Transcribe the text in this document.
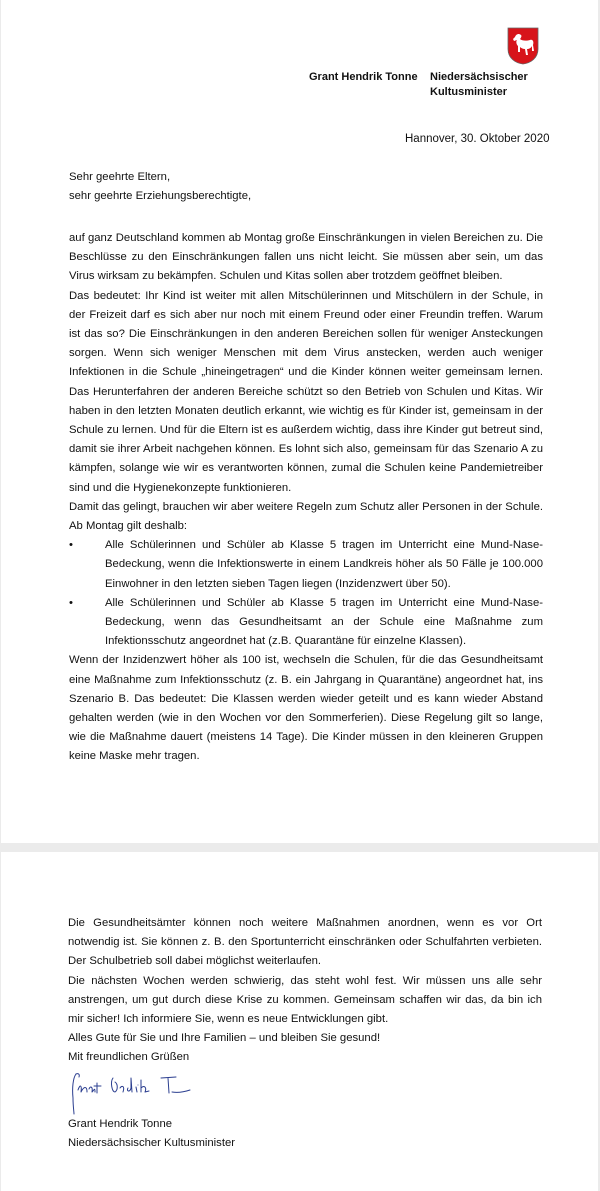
Grant Hendrik Tonne Niedersächsischer
Kultusminister
Hannover, 30. Oktober 2020

Sehr geehrte Eltern,

sehr geehrte Erziehungsberechtigte,

auf ganz Deutschland kommen ab Montag große Einschränkungen in vielen Bereichen zu. Die Beschlüsse zu den Einschränkungen fallen uns nicht leicht. Sie müssen aber sein, um das Virus wirksam zu bekämpfen. Schulen und Kitas sollen aber trotzdem geöffnet bleiben.

Das bedeutet: Ihr Kind ist weiter mit allen Mitschülerinnen und Mitschülern in der Schule, in der Freizeit darf es sich aber nur noch mit einem Freund oder einer Freundin treffen. Warum ist das so? Die Einschränkungen in den anderen Bereichen sollen für weniger Ansteckungen sorgen. Wenn sich weniger Menschen mit dem Virus anstecken, werden auch weniger Infektionen in die Schule „hineingetragen“ und die Kinder können weiter gemeinsam lernen. Das Herunterfahren der anderen Bereiche schützt so den Betrieb von Schulen und Kitas. Wir haben in den letzten Monaten deutlich erkannt, wie wichtig es für Kinder ist, gemeinsam in der Schule zu lernen. Und für die Eltern ist es außerdem wichtig, dass ihre Kinder gut betreut sind, damit sie ihrer Arbeit nachgehen können. Es lohnt sich also, gemeinsam für das Szenario A zu kämpfen, solange wie wir es verantworten können, zumal die Schulen keine Pandemietreiber sind und die Hygienekonzepte funktionieren.

Damit das gelingt, brauchen wir aber weitere Regeln zum Schutz aller Personen in der Schule. Ab Montag gilt deshalb:

•	Alle Schülerinnen und Schüler ab Klasse 5 tragen im Unterricht eine Mund-Nase-Bedeckung, wenn die Infektionswerte in einem Landkreis höher als 50 Fälle je 100.000 Einwohner in den letzten sieben Tagen liegen (Inzidenzwert über 50).
•	Alle Schülerinnen und Schüler ab Klasse 5 tragen im Unterricht eine Mund-Nase-Bedeckung, wenn das Gesundheitsamt an der Schule eine Maßnahme zum Infektionsschutz angeordnet hat (z.B. Quarantäne für einzelne Klassen).

Wenn der Inzidenzwert höher als 100 ist, wechseln die Schulen, für die das Gesundheitsamt eine Maßnahme zum Infektionsschutz (z. B. ein Jahrgang in Quarantäne) angeordnet hat, ins Szenario B. Das bedeutet: Die Klassen werden wieder geteilt und es kann wieder Abstand gehalten werden (wie in den Wochen vor den Sommerferien). Diese Regelung gilt so lange, wie die Maßnahme dauert (meistens 14 Tage). Die Kinder müssen in den kleineren Gruppen keine Maske mehr tragen.

Die Gesundheitsämter können noch weitere Maßnahmen anordnen, wenn es vor Ort notwendig ist. Sie können z. B. den Sportunterricht einschränken oder Schulfahrten verbieten. Der Schulbetrieb soll dabei möglichst weiterlaufen.

Die nächsten Wochen werden schwierig, das steht wohl fest. Wir müssen uns alle sehr anstrengen, um gut durch diese Krise zu kommen. Gemeinsam schaffen wir das, da bin ich mir sicher! Ich informiere Sie, wenn es neue Entwicklungen gibt.

Alles Gute für Sie und Ihre Familien – und bleiben Sie gesund!

Mit freundlichen Grüßen

Grant Hendrik Tonne

Niedersächsischer Kultusminister
